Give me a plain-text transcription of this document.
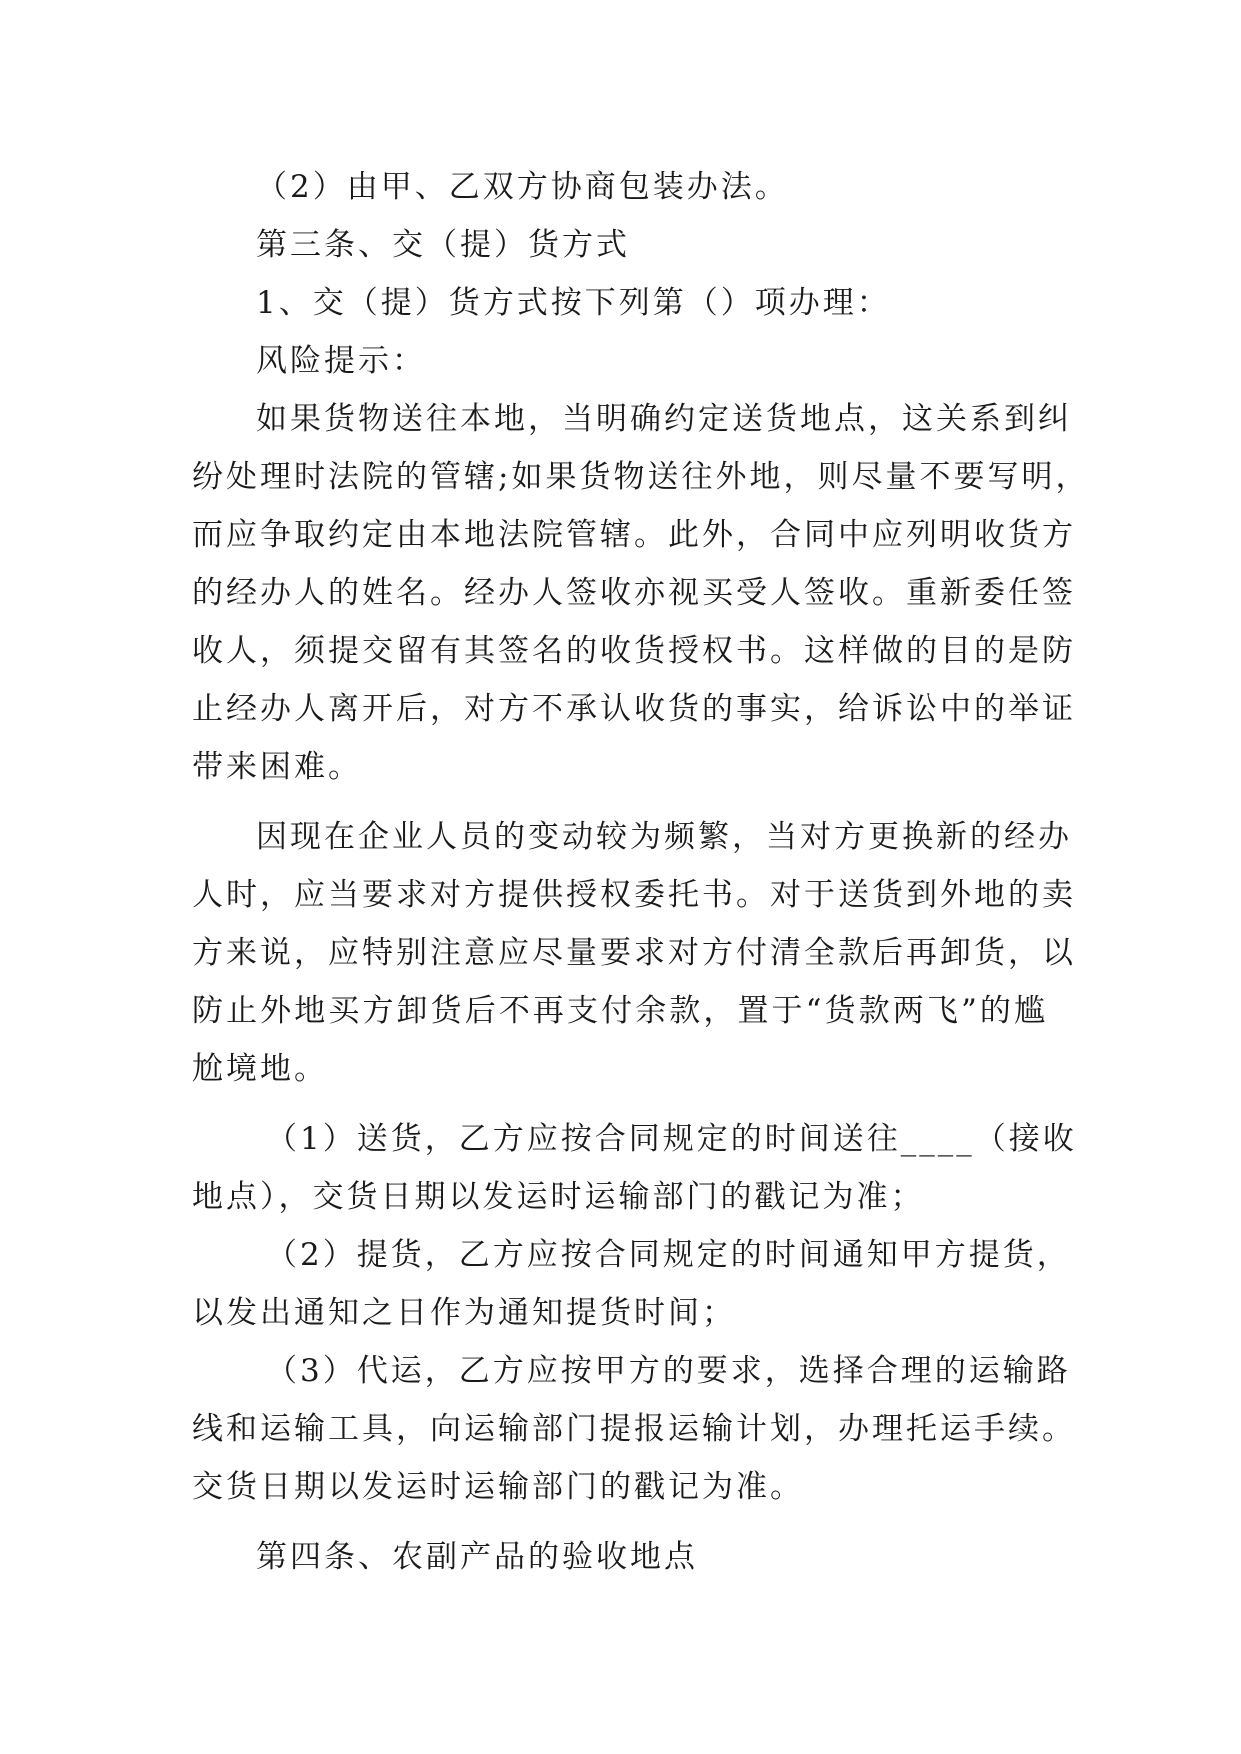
（2）由甲、乙双方协商包装办法。
第三条、交（提）货方式
1、交（提）货方式按下列第（）项办理：
风险提示：
如果货物送往本地，当明确约定送货地点，这关系到纠
纷处理时法院的管辖;如果货物送往外地，则尽量不要写明，
而应争取约定由本地法院管辖。此外，合同中应列明收货方
的经办人的姓名。经办人签收亦视买受人签收。重新委任签
收人，须提交留有其签名的收货授权书。这样做的目的是防
止经办人离开后，对方不承认收货的事实，给诉讼中的举证
带来困难。
因现在企业人员的变动较为频繁，当对方更换新的经办
人时，应当要求对方提供授权委托书。对于送货到外地的卖
方来说，应特别注意应尽量要求对方付清全款后再卸货，以
防止外地买方卸货后不再支付余款，置于“货款两飞”的尴
尬境地。
（1）送货，乙方应按合同规定的时间送往____（接收
地点），交货日期以发运时运输部门的戳记为准；
（2）提货，乙方应按合同规定的时间通知甲方提货，
以发出通知之日作为通知提货时间；
（3）代运，乙方应按甲方的要求，选择合理的运输路
线和运输工具，向运输部门提报运输计划，办理托运手续。
交货日期以发运时运输部门的戳记为准。
第四条、农副产品的验收地点
